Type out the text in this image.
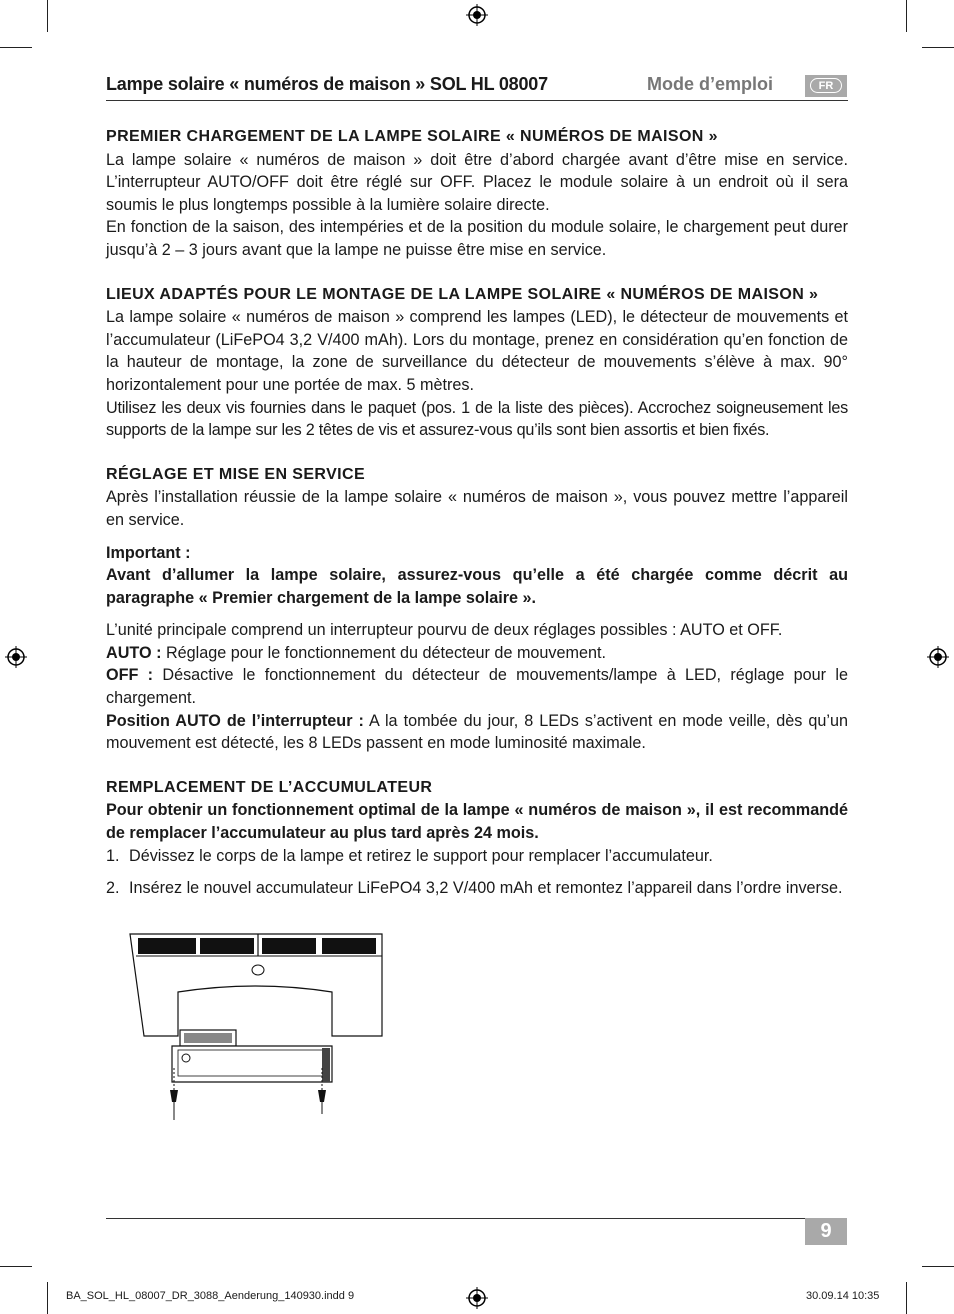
Lampe solaire « numéros de maison » SOL HL 08007	Mode d’emploi	FR
PREMIER CHARGEMENT DE LA LAMPE SOLAIRE « NUMÉROS DE MAISON »

La lampe solaire « numéros de maison » doit être d’abord chargée avant d’être mise en service. L’interrupteur AUTO/OFF doit être réglé sur OFF. Placez le module solaire à un endroit où il sera soumis le plus longtemps possible à la lumière solaire directe.

En fonction de la saison, des intempéries et de la position du module solaire, le chargement peut durer jusqu’à 2 – 3 jours avant que la lampe ne puisse être mise en service.

LIEUX ADAPTÉS POUR LE MONTAGE DE LA LAMPE SOLAIRE « NUMÉROS DE MAISON »

La lampe solaire « numéros de maison » comprend les lampes (LED), le détecteur de mouvements et l’accumulateur (LiFePO4 3,2 V/400 mAh). Lors du montage, prenez en considération qu’en fonction de la hauteur de montage, la zone de surveillance du détecteur de mouvements s’élève à max. 90° horizontalement pour une portée de max. 5 mètres.

Utilisez les deux vis fournies dans le paquet (pos. 1 de la liste des pièces). Accrochez soigneusement les supports de la lampe sur les 2 têtes de vis et assurez-vous qu’ils sont bien assortis et bien fixés.

RÉGLAGE ET MISE EN SERVICE

Après l’installation réussie de la lampe solaire « numéros de maison », vous pouvez mettre l’appareil en service.

Important :

Avant d’allumer la lampe solaire, assurez-vous qu’elle a été chargée comme décrit au paragraphe « Premier chargement de la lampe solaire ».

L’unité principale comprend un interrupteur pourvu de deux réglages possibles : AUTO et OFF.

AUTO : Réglage pour le fonctionnement du détecteur de mouvement.

OFF : Désactive le fonctionnement du détecteur de mouvements/lampe à LED, réglage pour le chargement.

Position AUTO de l’interrupteur : A la tombée du jour, 8 LEDs s’activent en mode veille, dès qu’un mouvement est détecté, les 8 LEDs passent en mode luminosité maximale.

REMPLACEMENT DE L’ACCUMULATEUR

Pour obtenir un fonctionnement optimal de la lampe « numéros de maison », il est recommandé de remplacer l’accumulateur au plus tard après 24 mois.

1. Dévissez le corps de la lampe et retirez le support pour remplacer l’accumulateur.
2. Insérez le nouvel accumulateur LiFePO4 3,2 V/400 mAh et remontez l’appareil dans l’ordre inverse.
9
BA_SOL_HL_08007_DR_3088_Aenderung_140930.indd 9	30.09.14 10:35
